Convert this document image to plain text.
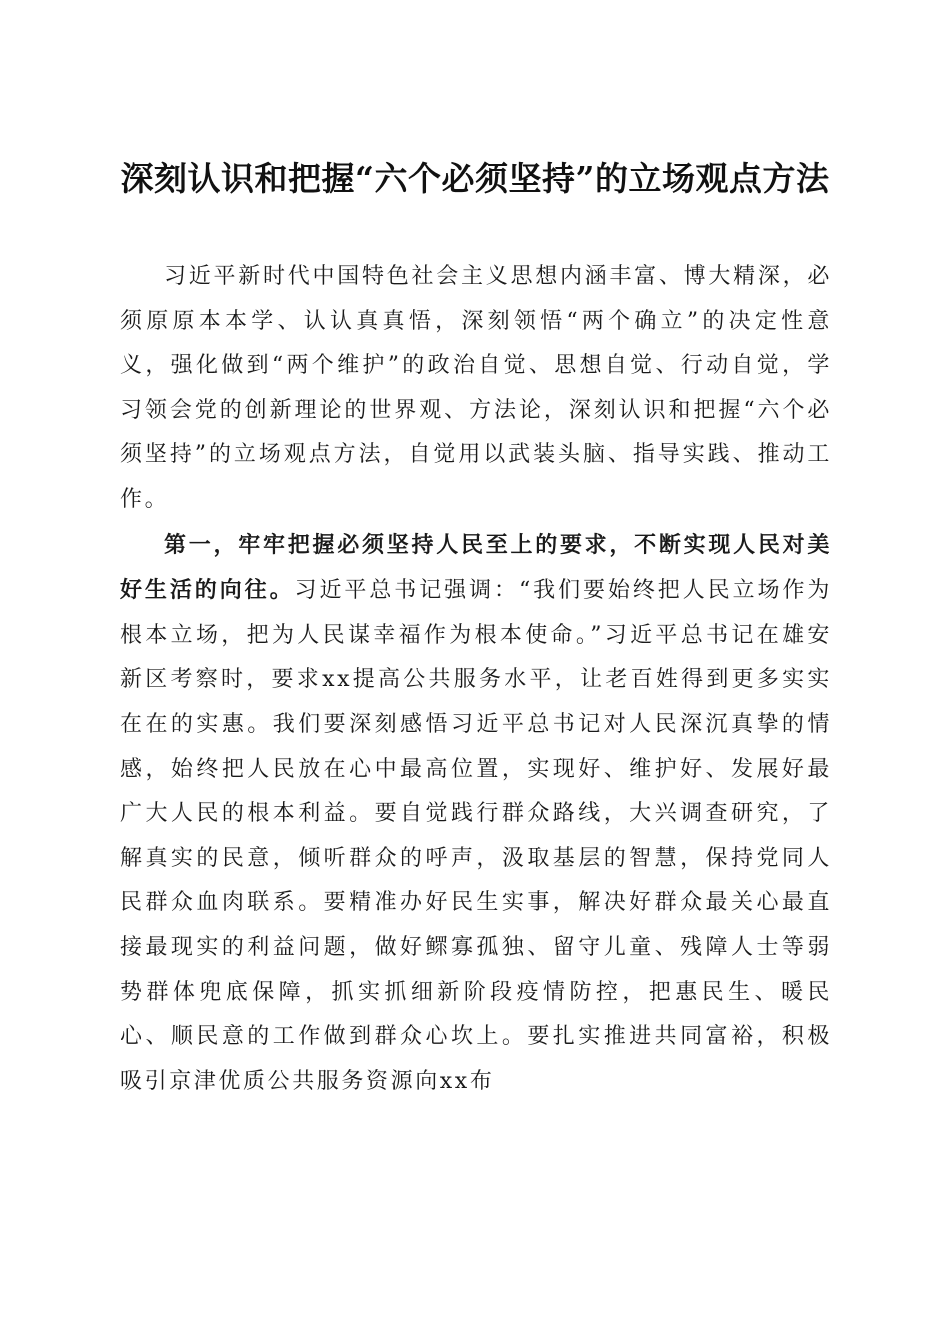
深刻认识和把握“六个必须坚持”的立场观点方法

习近平新时代中国特色社会主义思想内涵丰富、博大精深，必须原原本本学、认认真真悟，深刻领悟“两个确立”的决定性意义，强化做到“两个维护”的政治自觉、思想自觉、行动自觉，学习领会党的创新理论的世界观、方法论，深刻认识和把握“六个必须坚持”的立场观点方法，自觉用以武装头脑、指导实践、推动工作。

第一，牢牢把握必须坚持人民至上的要求，不断实现人民对美好生活的向往。习近平总书记强调：“我们要始终把人民立场作为根本立场，把为人民谋幸福作为根本使命。”习近平总书记在雄安新区考察时，要求xx提高公共服务水平，让老百姓得到更多实实在在的实惠。我们要深刻感悟习近平总书记对人民深沉真挚的情感，始终把人民放在心中最高位置，实现好、维护好、发展好最广大人民的根本利益。要自觉践行群众路线，大兴调查研究，了解真实的民意，倾听群众的呼声，汲取基层的智慧，保持党同人民群众血肉联系。要精准办好民生实事，解决好群众最关心最直接最现实的利益问题，做好鳏寡孤独、留守儿童、残障人士等弱势群体兜底保障，抓实抓细新阶段疫情防控，把惠民生、暖民心、顺民意的工作做到群众心坎上。要扎实推进共同富裕，积极吸引京津优质公共服务资源向xx布
